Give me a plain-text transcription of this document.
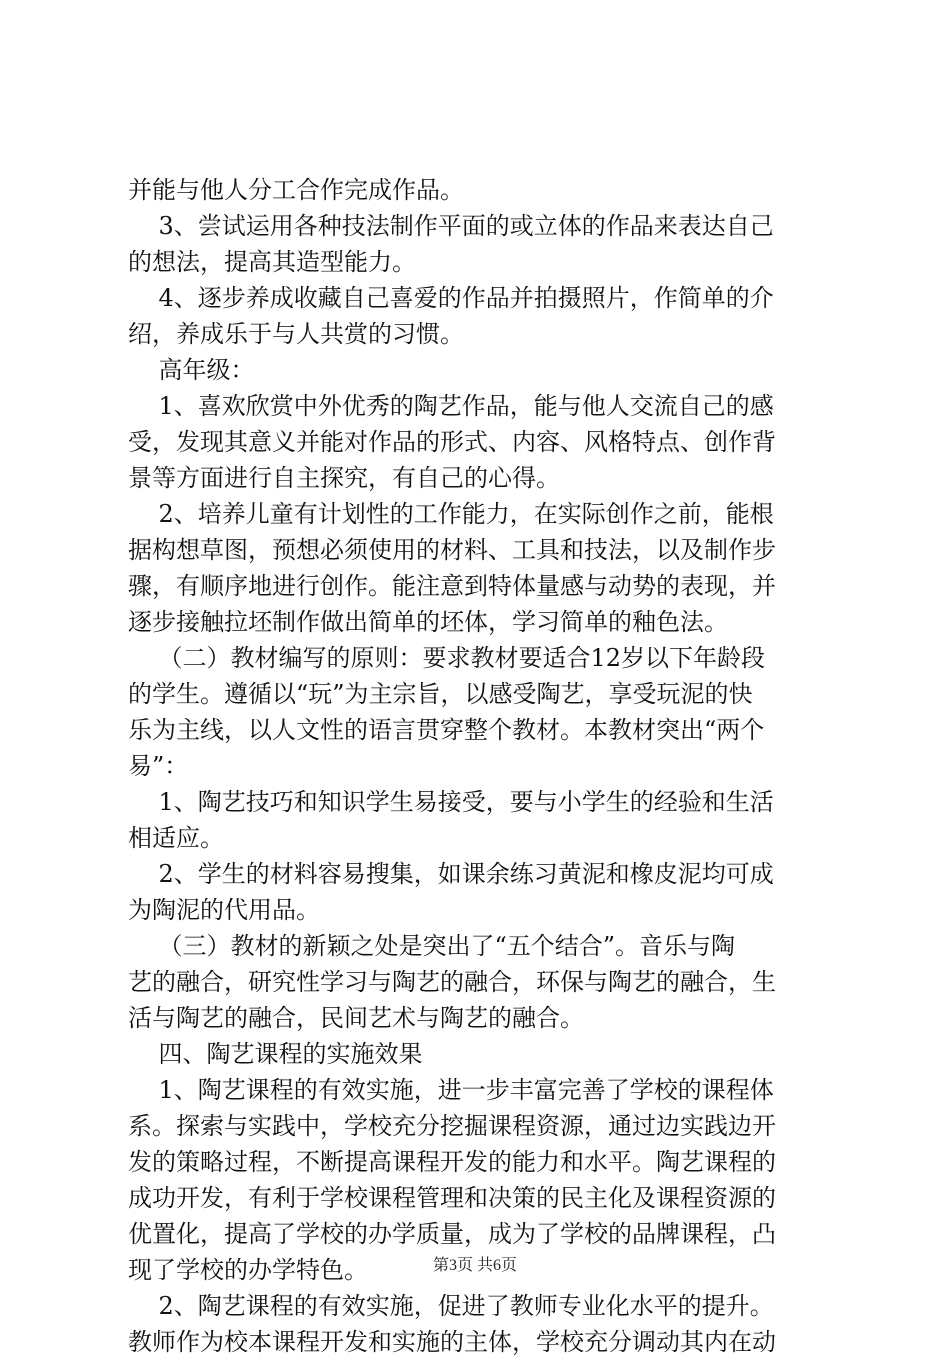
并能与他人分工合作完成作品。
3、尝试运用各种技法制作平面的或立体的作品来表达自己
的想法，提高其造型能力。
4、逐步养成收藏自己喜爱的作品并拍摄照片，作简单的介
绍，养成乐于与人共赏的习惯。
高年级：
1、喜欢欣赏中外优秀的陶艺作品，能与他人交流自己的感
受，发现其意义并能对作品的形式、内容、风格特点、创作背
景等方面进行自主探究，有自己的心得。
2、培养儿童有计划性的工作能力，在实际创作之前，能根
据构想草图，预想必须使用的材料、工具和技法，以及制作步
骤，有顺序地进行创作。能注意到特体量感与动势的表现，并
逐步接触拉坯制作做出简单的坯体，学习简单的釉色法。
（二）教材编写的原则：要求教材要适合12岁以下年龄段
的学生。遵循以“玩”为主宗旨，以感受陶艺，享受玩泥的快
乐为主线，以人文性的语言贯穿整个教材。本教材突出“两个
易”：
1、陶艺技巧和知识学生易接受，要与小学生的经验和生活
相适应。
2、学生的材料容易搜集，如课余练习黄泥和橡皮泥均可成
为陶泥的代用品。
（三）教材的新颖之处是突出了“五个结合”。音乐与陶
艺的融合，研究性学习与陶艺的融合，环保与陶艺的融合，生
活与陶艺的融合，民间艺术与陶艺的融合。
四、陶艺课程的实施效果
1、陶艺课程的有效实施，进一步丰富完善了学校的课程体
系。探索与实践中，学校充分挖掘课程资源，通过边实践边开
发的策略过程，不断提高课程开发的能力和水平。陶艺课程的
成功开发，有利于学校课程管理和决策的民主化及课程资源的
优置化，提高了学校的办学质量，成为了学校的品牌课程，凸
现了学校的办学特色。
2、陶艺课程的有效实施，促进了教师专业化水平的提升。
教师作为校本课程开发和实施的主体，学校充分调动其内在动
第3页 共6页
